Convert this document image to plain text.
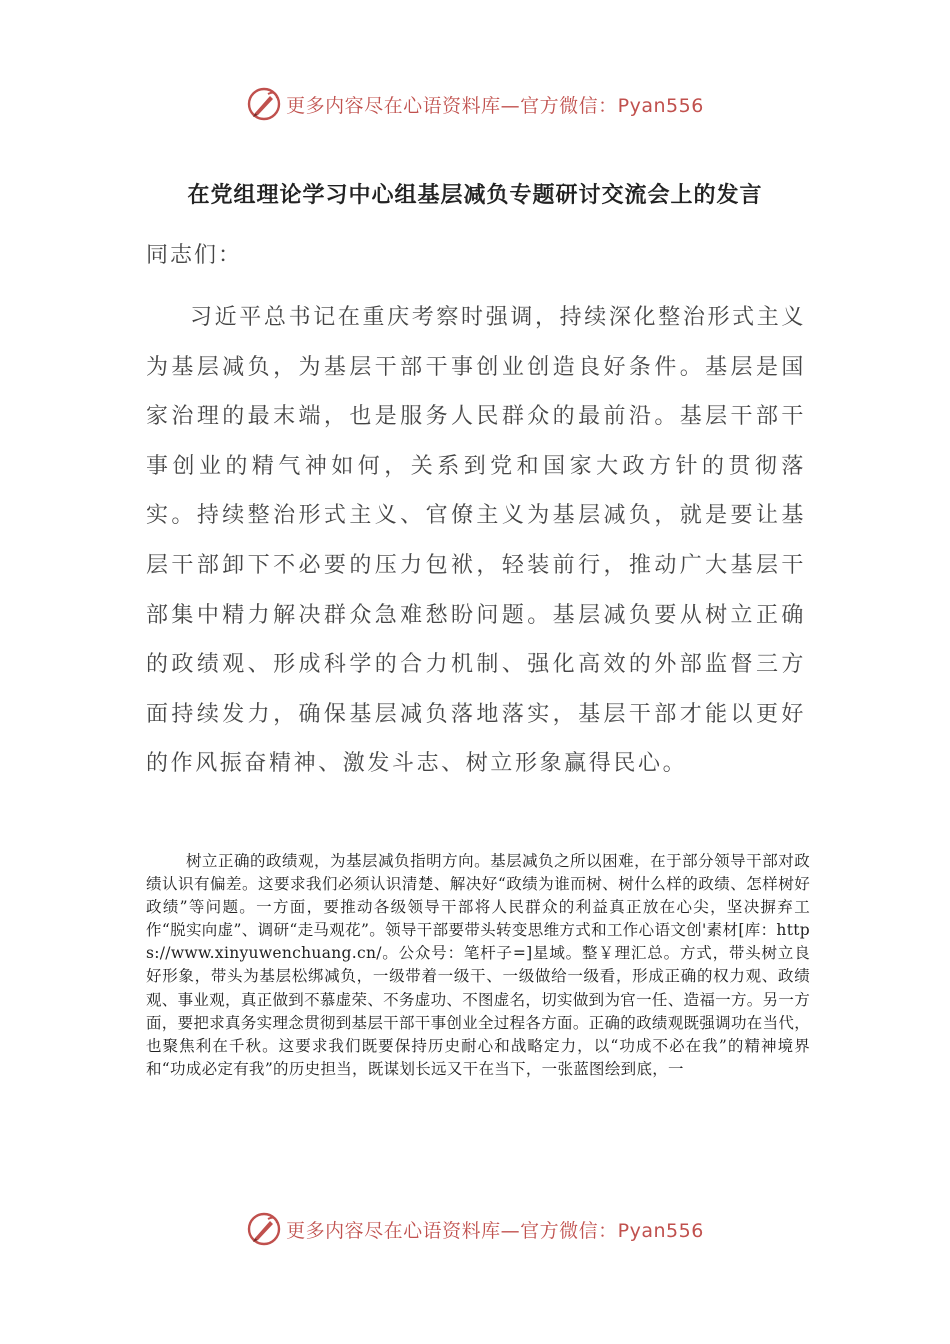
更多内容尽在心语资料库—官方微信：Pyan556
在党组理论学习中心组基层减负专题研讨交流会上的发言
同志们：

习近平总书记在重庆考察时强调，持续深化整治形式主义为基层减负，为基层干部干事创业创造良好条件。基层是国家治理的最末端，也是服务人民群众的最前沿。基层干部干事创业的精气神如何，关系到党和国家大政方针的贯彻落实。持续整治形式主义、官僚主义为基层减负，就是要让基层干部卸下不必要的压力包袱，轻装前行，推动广大基层干部集中精力解决群众急难愁盼问题。基层减负要从树立正确的政绩观、形成科学的合力机制、强化高效的外部监督三方面持续发力，确保基层减负落地落实，基层干部才能以更好的作风振奋精神、激发斗志、树立形象赢得民心。

树立正确的政绩观，为基层减负指明方向。基层减负之所以困难，在于部分领导干部对政绩认识有偏差。这要求我们必须认识清楚、解决好“政绩为谁而树、树什么样的政绩、怎样树好政绩”等问题。一方面，要推动各级领导干部将人民群众的利益真正放在心尖，坚决摒弃工作“脱实向虚”、调研“走马观花”。领导干部要带头转变思维方式和工作心语文创'素材[库：https://www.xinyuwenchuang.cn/。公众号：笔杆子=]星域。整￥理汇总。方式，带头树立良好形象，带头为基层松绑减负，一级带着一级干、一级做给一级看，形成正确的权力观、政绩观、事业观，真正做到不慕虚荣、不务虚功、不图虚名，切实做到为官一任、造福一方。另一方面，要把求真务实理念贯彻到基层干部干事创业全过程各方面。正确的政绩观既强调功在当代，也聚焦利在千秋。这要求我们既要保持历史耐心和战略定力，以“功成不必在我”的精神境界和“功成必定有我”的历史担当，既谋划长远又干在当下，一张蓝图绘到底，一

更多内容尽在心语资料库—官方微信：Pyan556
